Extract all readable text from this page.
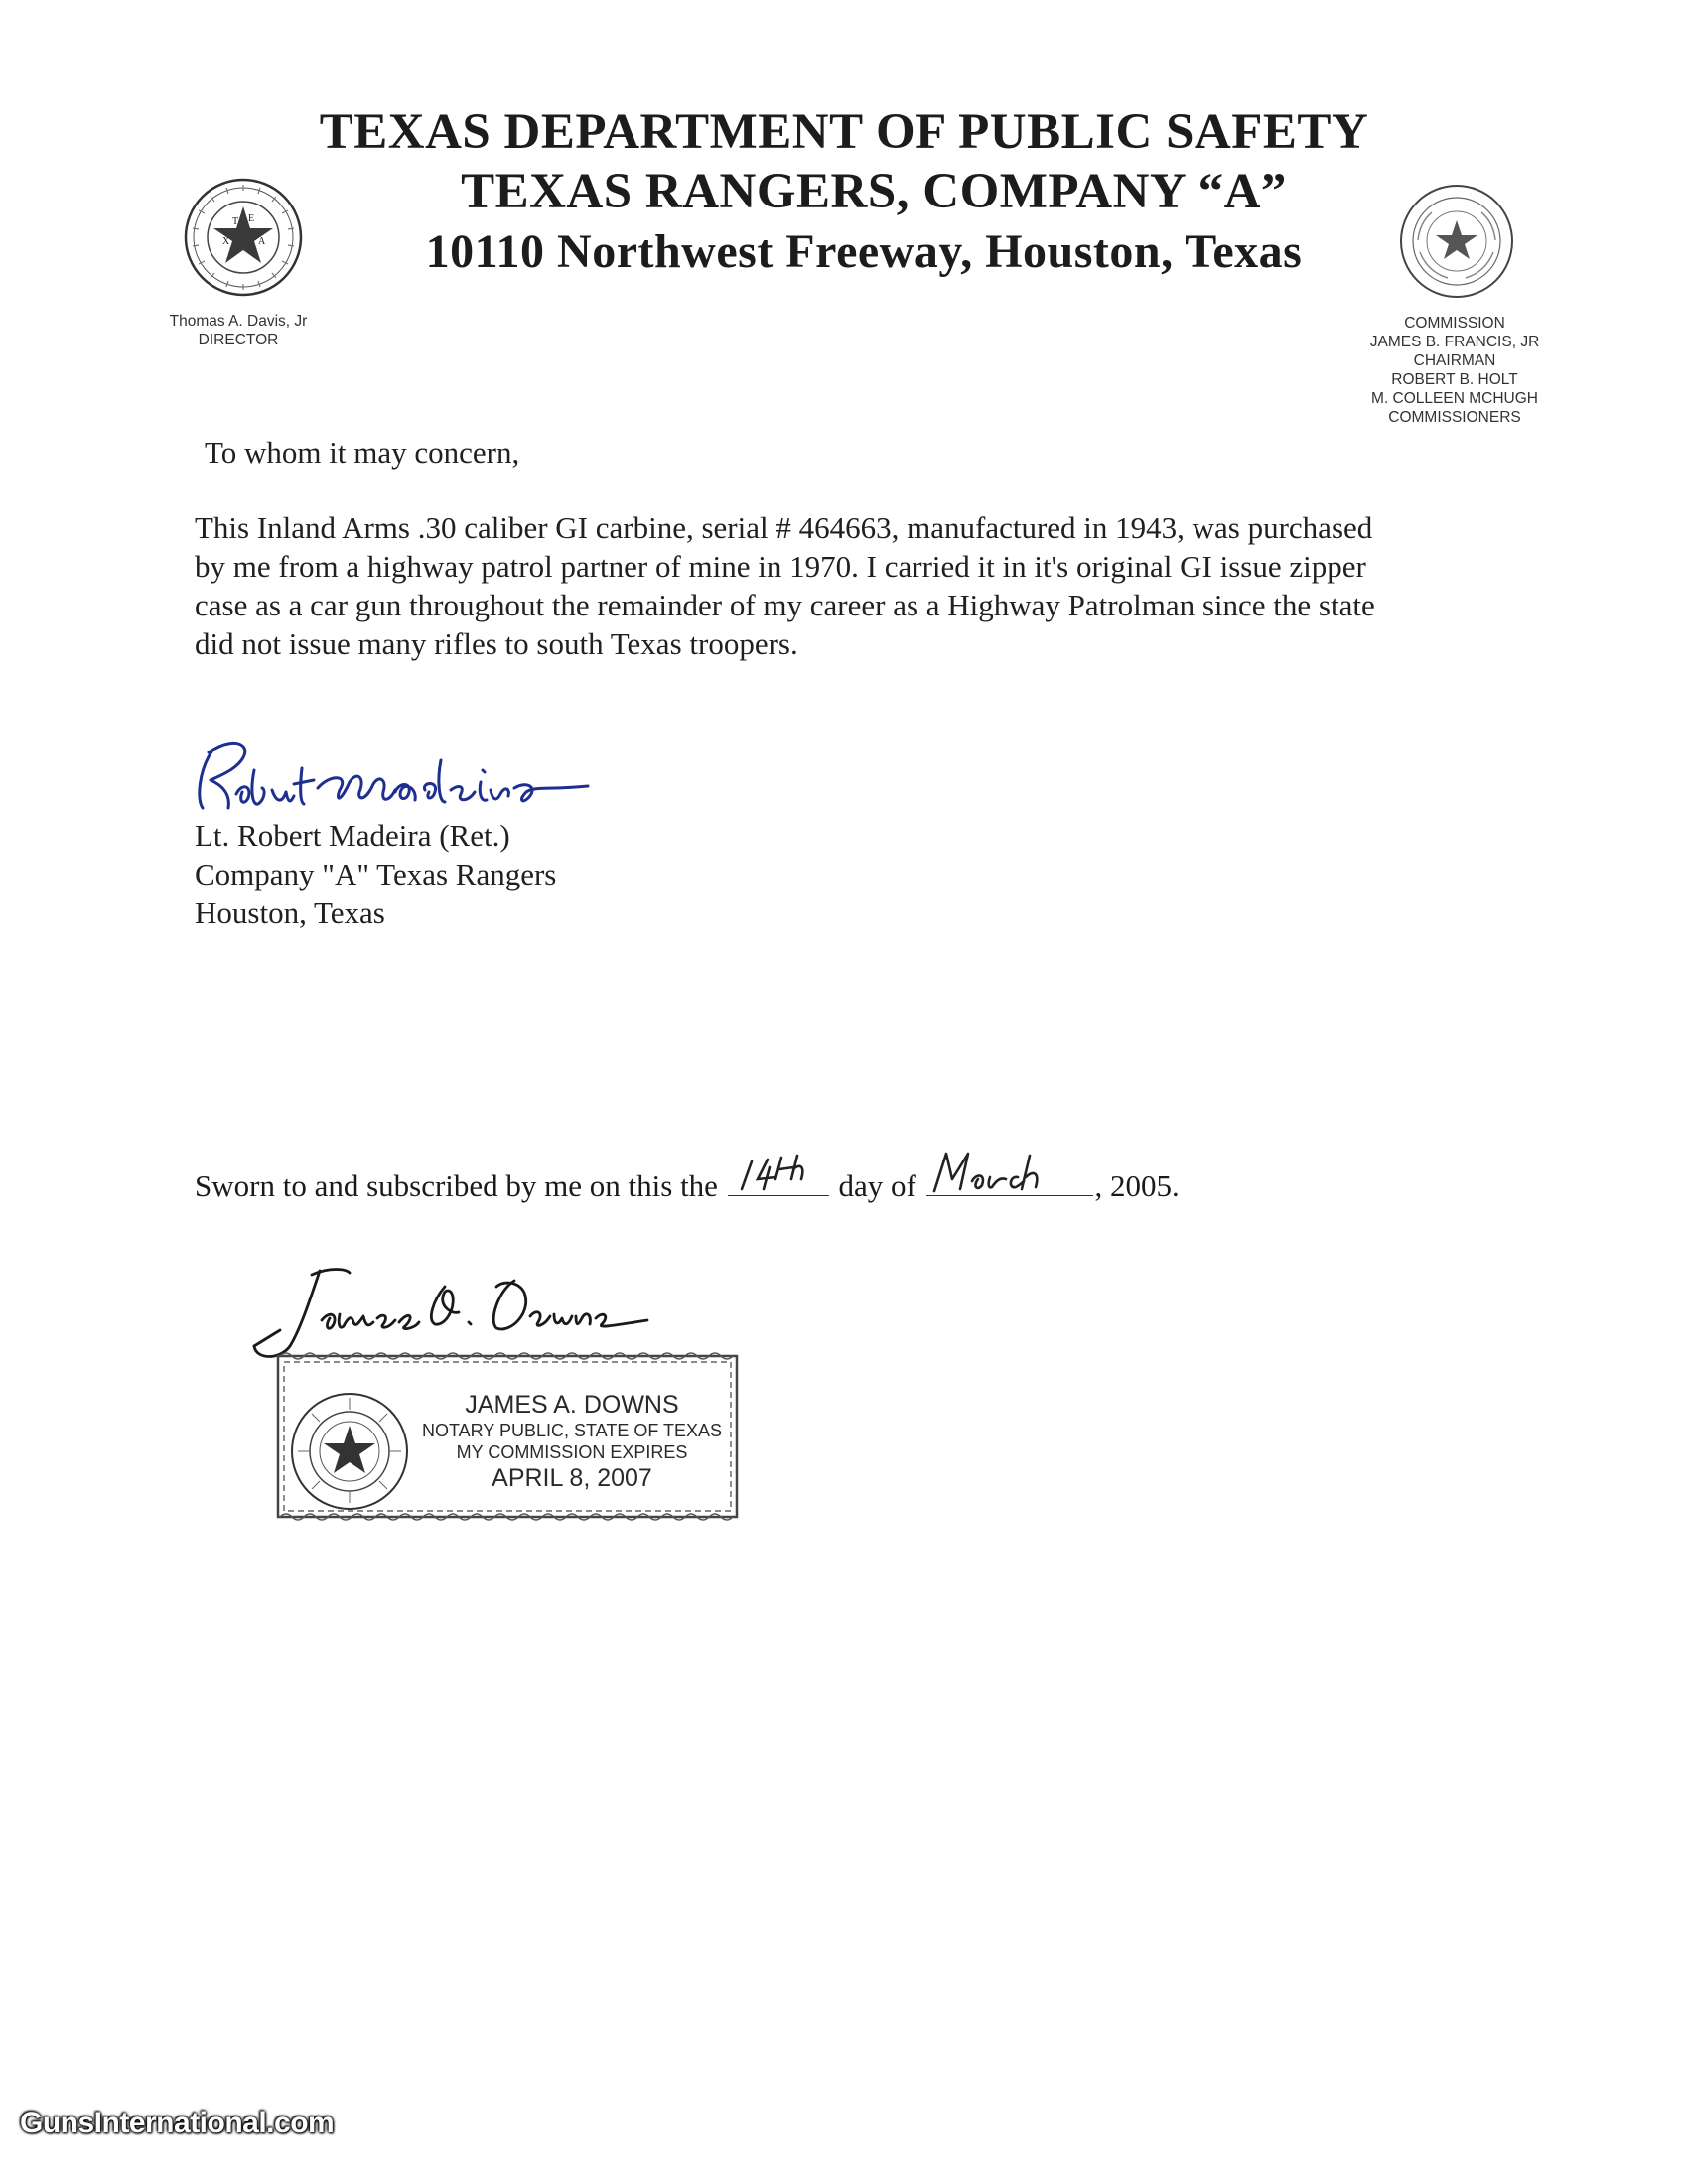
TEXAS DEPARTMENT OF PUBLIC SAFETY
TEXAS RANGERS, COMPANY “A”
10110 Northwest Freeway, Houston, Texas
T E
X	A
S
Thomas A. Davis, Jr
DIRECTOR
COMMISSION
JAMES B. FRANCIS, JR
CHAIRMAN
ROBERT B. HOLT
M. COLLEEN MCHUGH
COMMISSIONERS
To whom it may concern,
This Inland Arms .30 caliber GI carbine, serial # 464663, manufactured in 1943, was purchased
by me from a highway patrol partner of mine in 1970. I carried it in it's original GI issue zipper
case as a car gun throughout the remainder of my career as a Highway Patrolman since the state
did not issue many rifles to south Texas troopers.
Lt. Robert Madeira (Ret.)
Company "A" Texas Rangers
Houston, Texas
Sworn to and subscribed by me on this the	day of	, 2005.
JAMES A. DOWNS
NOTARY PUBLIC, STATE OF TEXAS
MY COMMISSION EXPIRES
APRIL 8, 2007
GunsInternational.com
